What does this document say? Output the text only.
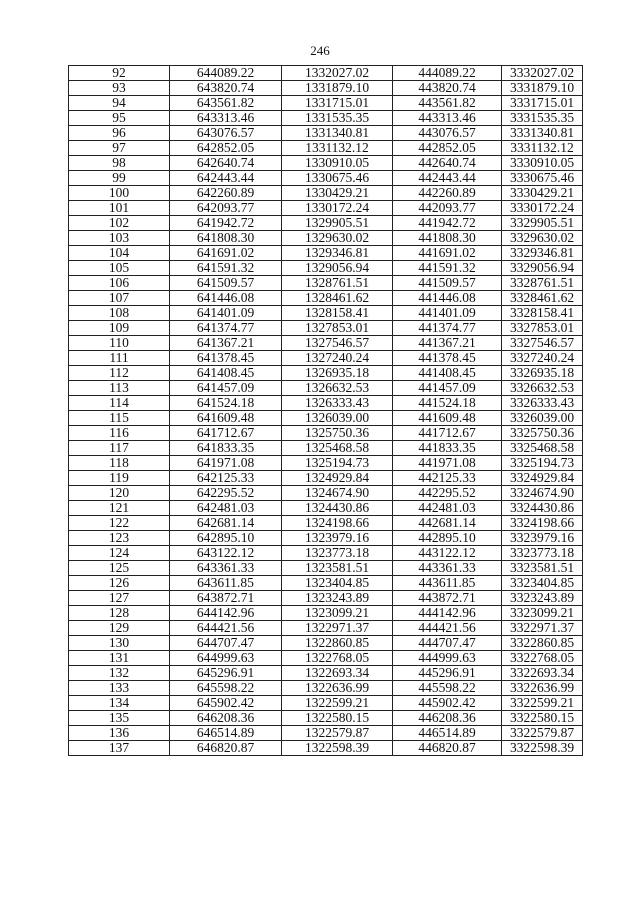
246
92	644089.22	1332027.02	444089.22	3332027.02
93	643820.74	1331879.10	443820.74	3331879.10
94	643561.82	1331715.01	443561.82	3331715.01
95	643313.46	1331535.35	443313.46	3331535.35
96	643076.57	1331340.81	443076.57	3331340.81
97	642852.05	1331132.12	442852.05	3331132.12
98	642640.74	1330910.05	442640.74	3330910.05
99	642443.44	1330675.46	442443.44	3330675.46
100	642260.89	1330429.21	442260.89	3330429.21
101	642093.77	1330172.24	442093.77	3330172.24
102	641942.72	1329905.51	441942.72	3329905.51
103	641808.30	1329630.02	441808.30	3329630.02
104	641691.02	1329346.81	441691.02	3329346.81
105	641591.32	1329056.94	441591.32	3329056.94
106	641509.57	1328761.51	441509.57	3328761.51
107	641446.08	1328461.62	441446.08	3328461.62
108	641401.09	1328158.41	441401.09	3328158.41
109	641374.77	1327853.01	441374.77	3327853.01
110	641367.21	1327546.57	441367.21	3327546.57
111	641378.45	1327240.24	441378.45	3327240.24
112	641408.45	1326935.18	441408.45	3326935.18
113	641457.09	1326632.53	441457.09	3326632.53
114	641524.18	1326333.43	441524.18	3326333.43
115	641609.48	1326039.00	441609.48	3326039.00
116	641712.67	1325750.36	441712.67	3325750.36
117	641833.35	1325468.58	441833.35	3325468.58
118	641971.08	1325194.73	441971.08	3325194.73
119	642125.33	1324929.84	442125.33	3324929.84
120	642295.52	1324674.90	442295.52	3324674.90
121	642481.03	1324430.86	442481.03	3324430.86
122	642681.14	1324198.66	442681.14	3324198.66
123	642895.10	1323979.16	442895.10	3323979.16
124	643122.12	1323773.18	443122.12	3323773.18
125	643361.33	1323581.51	443361.33	3323581.51
126	643611.85	1323404.85	443611.85	3323404.85
127	643872.71	1323243.89	443872.71	3323243.89
128	644142.96	1323099.21	444142.96	3323099.21
129	644421.56	1322971.37	444421.56	3322971.37
130	644707.47	1322860.85	444707.47	3322860.85
131	644999.63	1322768.05	444999.63	3322768.05
132	645296.91	1322693.34	445296.91	3322693.34
133	645598.22	1322636.99	445598.22	3322636.99
134	645902.42	1322599.21	445902.42	3322599.21
135	646208.36	1322580.15	446208.36	3322580.15
136	646514.89	1322579.87	446514.89	3322579.87
137	646820.87	1322598.39	446820.87	3322598.39
